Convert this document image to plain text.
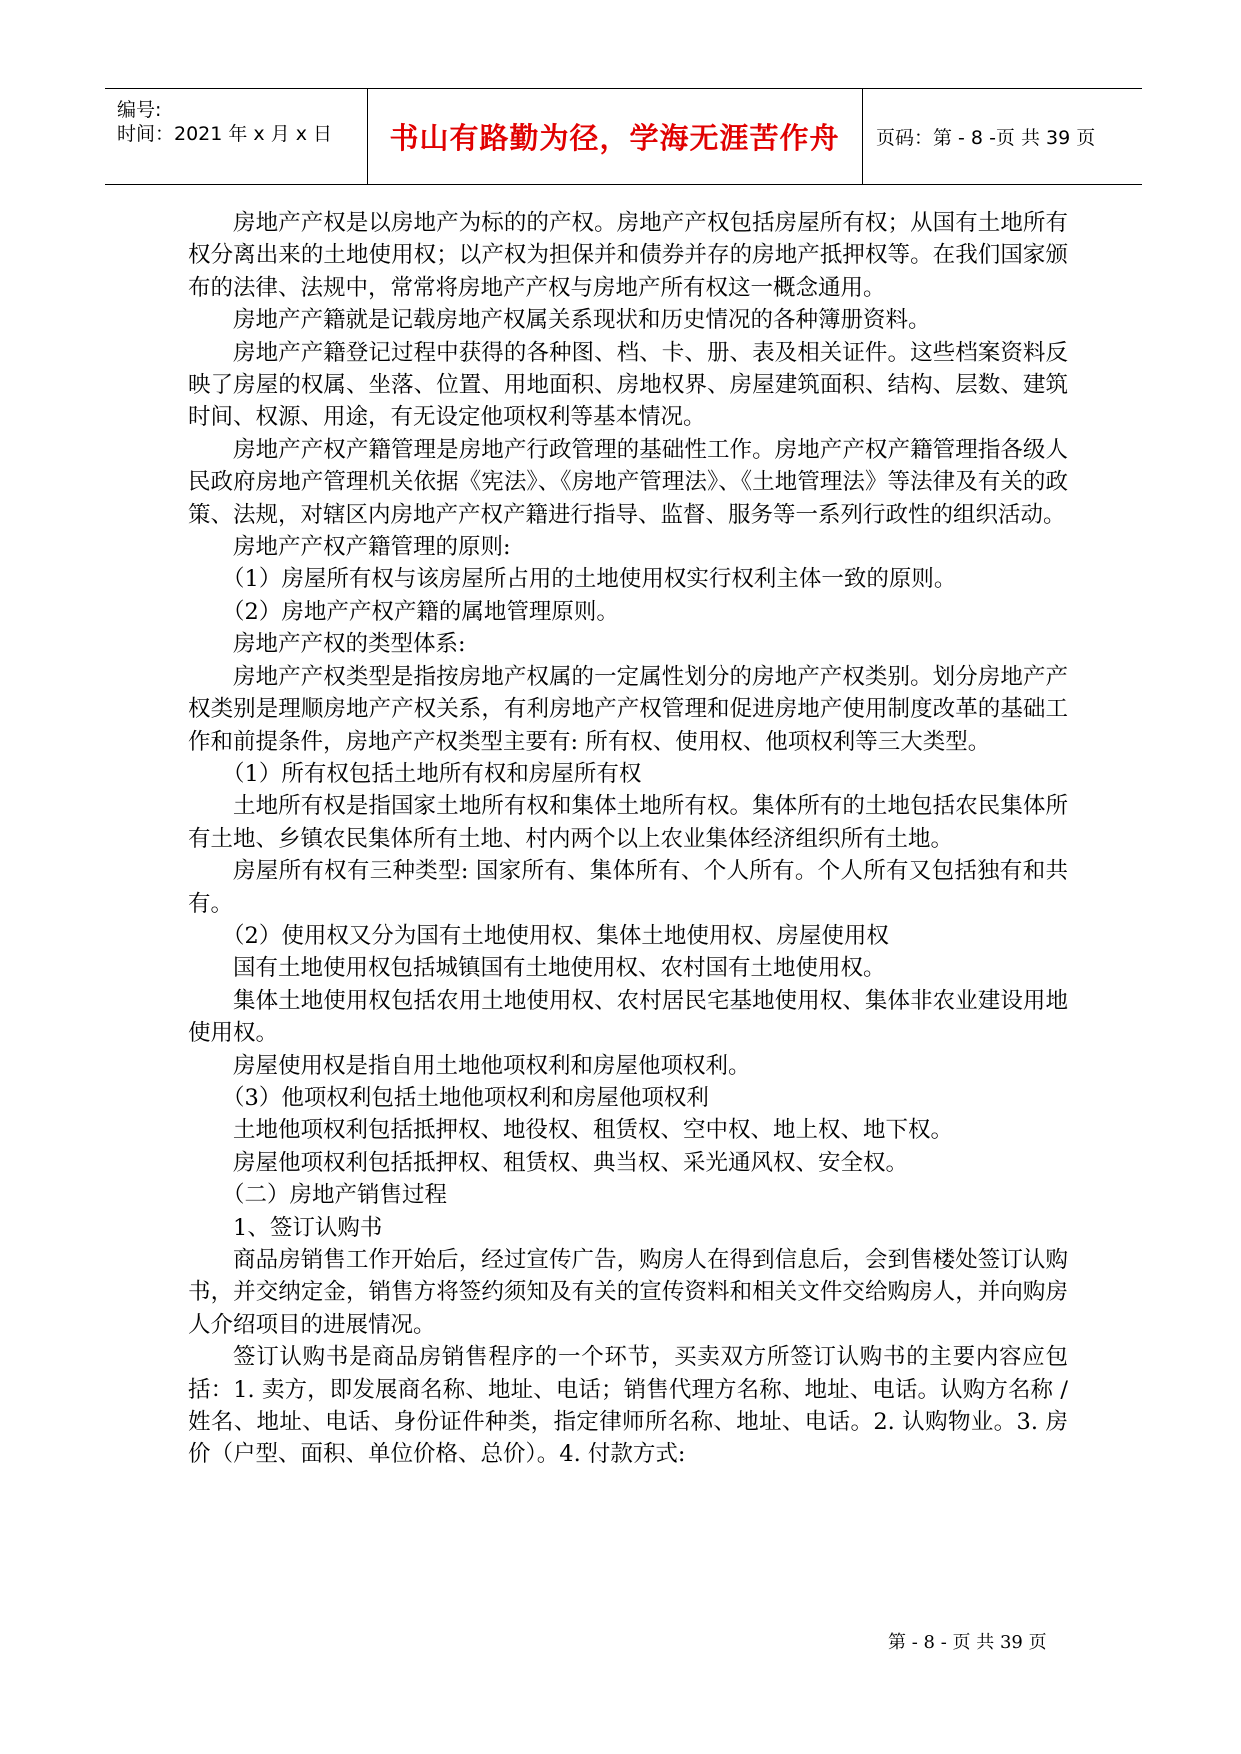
编号:
时间：2021 年 x 月 x 日 书山有路勤为径，学海无涯苦作舟 页码：第 - 8 -页 共 39 页

房地产产权是以房地产为标的的产权。房地产产权包括房屋所有权；从国有土地所有权分离出来的土地使用权；以产权为担保并和债券并存的房地产抵押权等。在我们国家颁布的法律、法规中，常常将房地产产权与房地产所有权这一概念通用。

房地产产籍就是记载房地产权属关系现状和历史情况的各种簿册资料。

房地产产籍登记过程中获得的各种图、档、卡、册、表及相关证件。这些档案资料反映了房屋的权属、坐落、位置、用地面积、房地权界、房屋建筑面积、结构、层数、建筑时间、权源、用途，有无设定他项权利等基本情况。

房地产产权产籍管理是房地产行政管理的基础性工作。房地产产权产籍管理指各级人民政府房地产管理机关依据《宪法》、《房地产管理法》、《土地管理法》等法律及有关的政策、法规，对辖区内房地产产权产籍进行指导、监督、服务等一系列行政性的组织活动。

房地产产权产籍管理的原则:

（1）房屋所有权与该房屋所占用的土地使用权实行权利主体一致的原则。

（2）房地产产权产籍的属地管理原则。

房地产产权的类型体系:

房地产产权类型是指按房地产权属的一定属性划分的房地产产权类别。划分房地产产权类别是理顺房地产产权关系，有利房地产产权管理和促进房地产使用制度改革的基础工作和前提条件，房地产产权类型主要有: 所有权、使用权、他项权利等三大类型。

（1）所有权包括土地所有权和房屋所有权

土地所有权是指国家土地所有权和集体土地所有权。集体所有的土地包括农民集体所有土地、乡镇农民集体所有土地、村内两个以上农业集体经济组织所有土地。

房屋所有权有三种类型: 国家所有、集体所有、个人所有。个人所有又包括独有和共有。

（2）使用权又分为国有土地使用权、集体土地使用权、房屋使用权

国有土地使用权包括城镇国有土地使用权、农村国有土地使用权。

集体土地使用权包括农用土地使用权、农村居民宅基地使用权、集体非农业建设用地使用权。

房屋使用权是指自用土地他项权利和房屋他项权利。

（3）他项权利包括土地他项权利和房屋他项权利

土地他项权利包括抵押权、地役权、租赁权、空中权、地上权、地下权。

房屋他项权利包括抵押权、租赁权、典当权、采光通风权、安全权。

（二）房地产销售过程

1、签订认购书

商品房销售工作开始后，经过宣传广告，购房人在得到信息后，会到售楼处签订认购书，并交纳定金，销售方将签约须知及有关的宣传资料和相关文件交给购房人，并向购房人介绍项目的进展情况。

签订认购书是商品房销售程序的一个环节，买卖双方所签订认购书的主要内容应包括：1. 卖方，即发展商名称、地址、电话；销售代理方名称、地址、电话。认购方名称 / 姓名、地址、电话、身份证件种类，指定律师所名称、地址、电话。2. 认购物业。3. 房价（户型、面积、单位价格、总价）。4. 付款方式:

第 - 8 - 页 共 39 页
